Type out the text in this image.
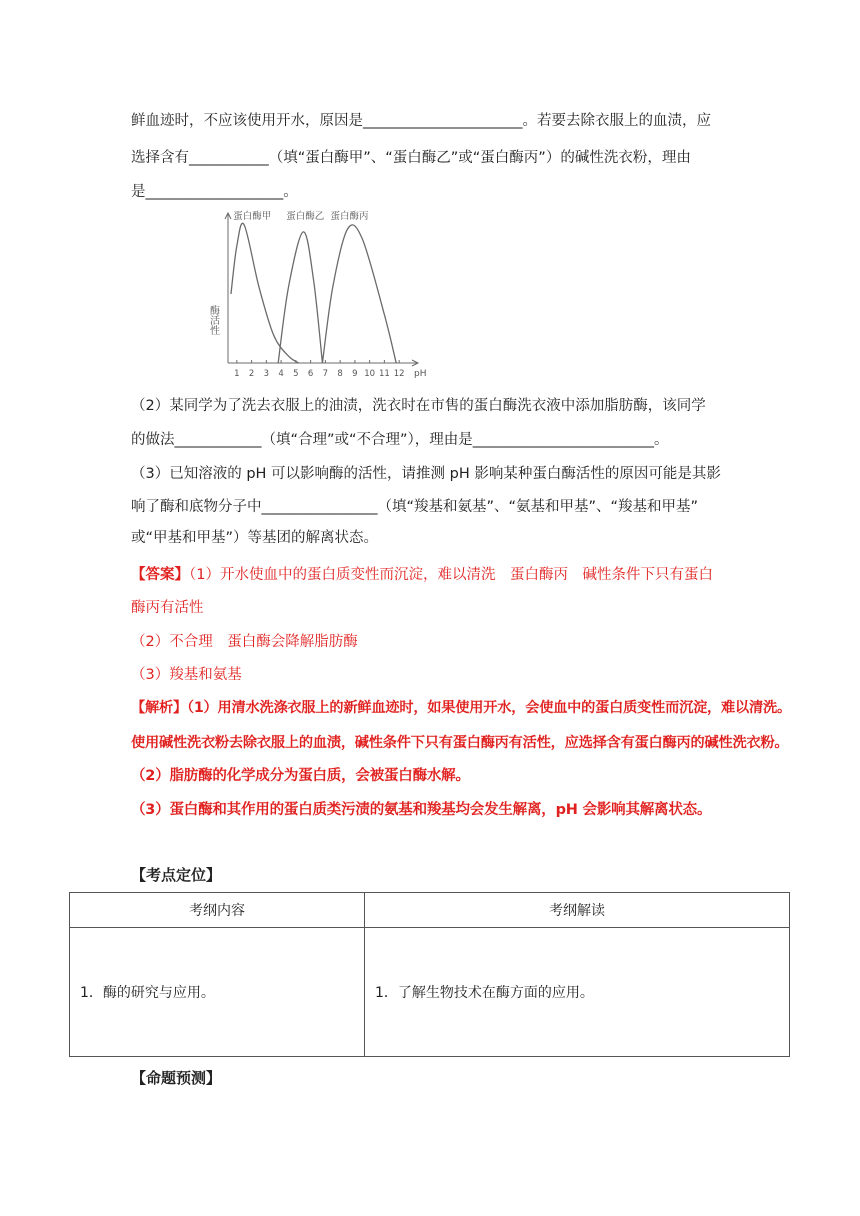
鲜血迹时，不应该使用开水，原因是______________________。若要去除衣服上的血渍，应
选择含有___________（填“蛋白酶甲”、“蛋白酶乙”或“蛋白酶丙”）的碱性洗衣粉，理由
是___________________。
酶活性
1 2 3 4 5 6 7 8 9 10 11 12 pH
蛋白酶甲 蛋白酶乙 蛋白酶丙
（2）某同学为了洗去衣服上的油渍，洗衣时在市售的蛋白酶洗衣液中添加脂肪酶，该同学
的做法____________（填“合理”或“不合理”），理由是_________________________。
（3）已知溶液的 pH 可以影响酶的活性，请推测 pH 影响某种蛋白酶活性的原因可能是其影
响了酶和底物分子中________________（填“羧基和氨基”、“氨基和甲基”、“羧基和甲基”
或“甲基和甲基”）等基团的解离状态。
【答案】（1）开水使血中的蛋白质变性而沉淀，难以清洗　蛋白酶丙　碱性条件下只有蛋白
酶丙有活性
（2）不合理　蛋白酶会降解脂肪酶
（3）羧基和氨基
【解析】（1）用清水洗涤衣服上的新鲜血迹时，如果使用开水，会使血中的蛋白质变性而沉淀，难以清洗。
使用碱性洗衣粉去除衣服上的血渍，碱性条件下只有蛋白酶丙有活性，应选择含有蛋白酶丙的碱性洗衣粉。
（2）脂肪酶的化学成分为蛋白质，会被蛋白酶水解。
（3）蛋白酶和其作用的蛋白质类污渍的氨基和羧基均会发生解离，pH 会影响其解离状态。
【考点定位】
考纲内容	考纲解读
1．酶的研究与应用。	1．了解生物技术在酶方面的应用。
【命题预测】
